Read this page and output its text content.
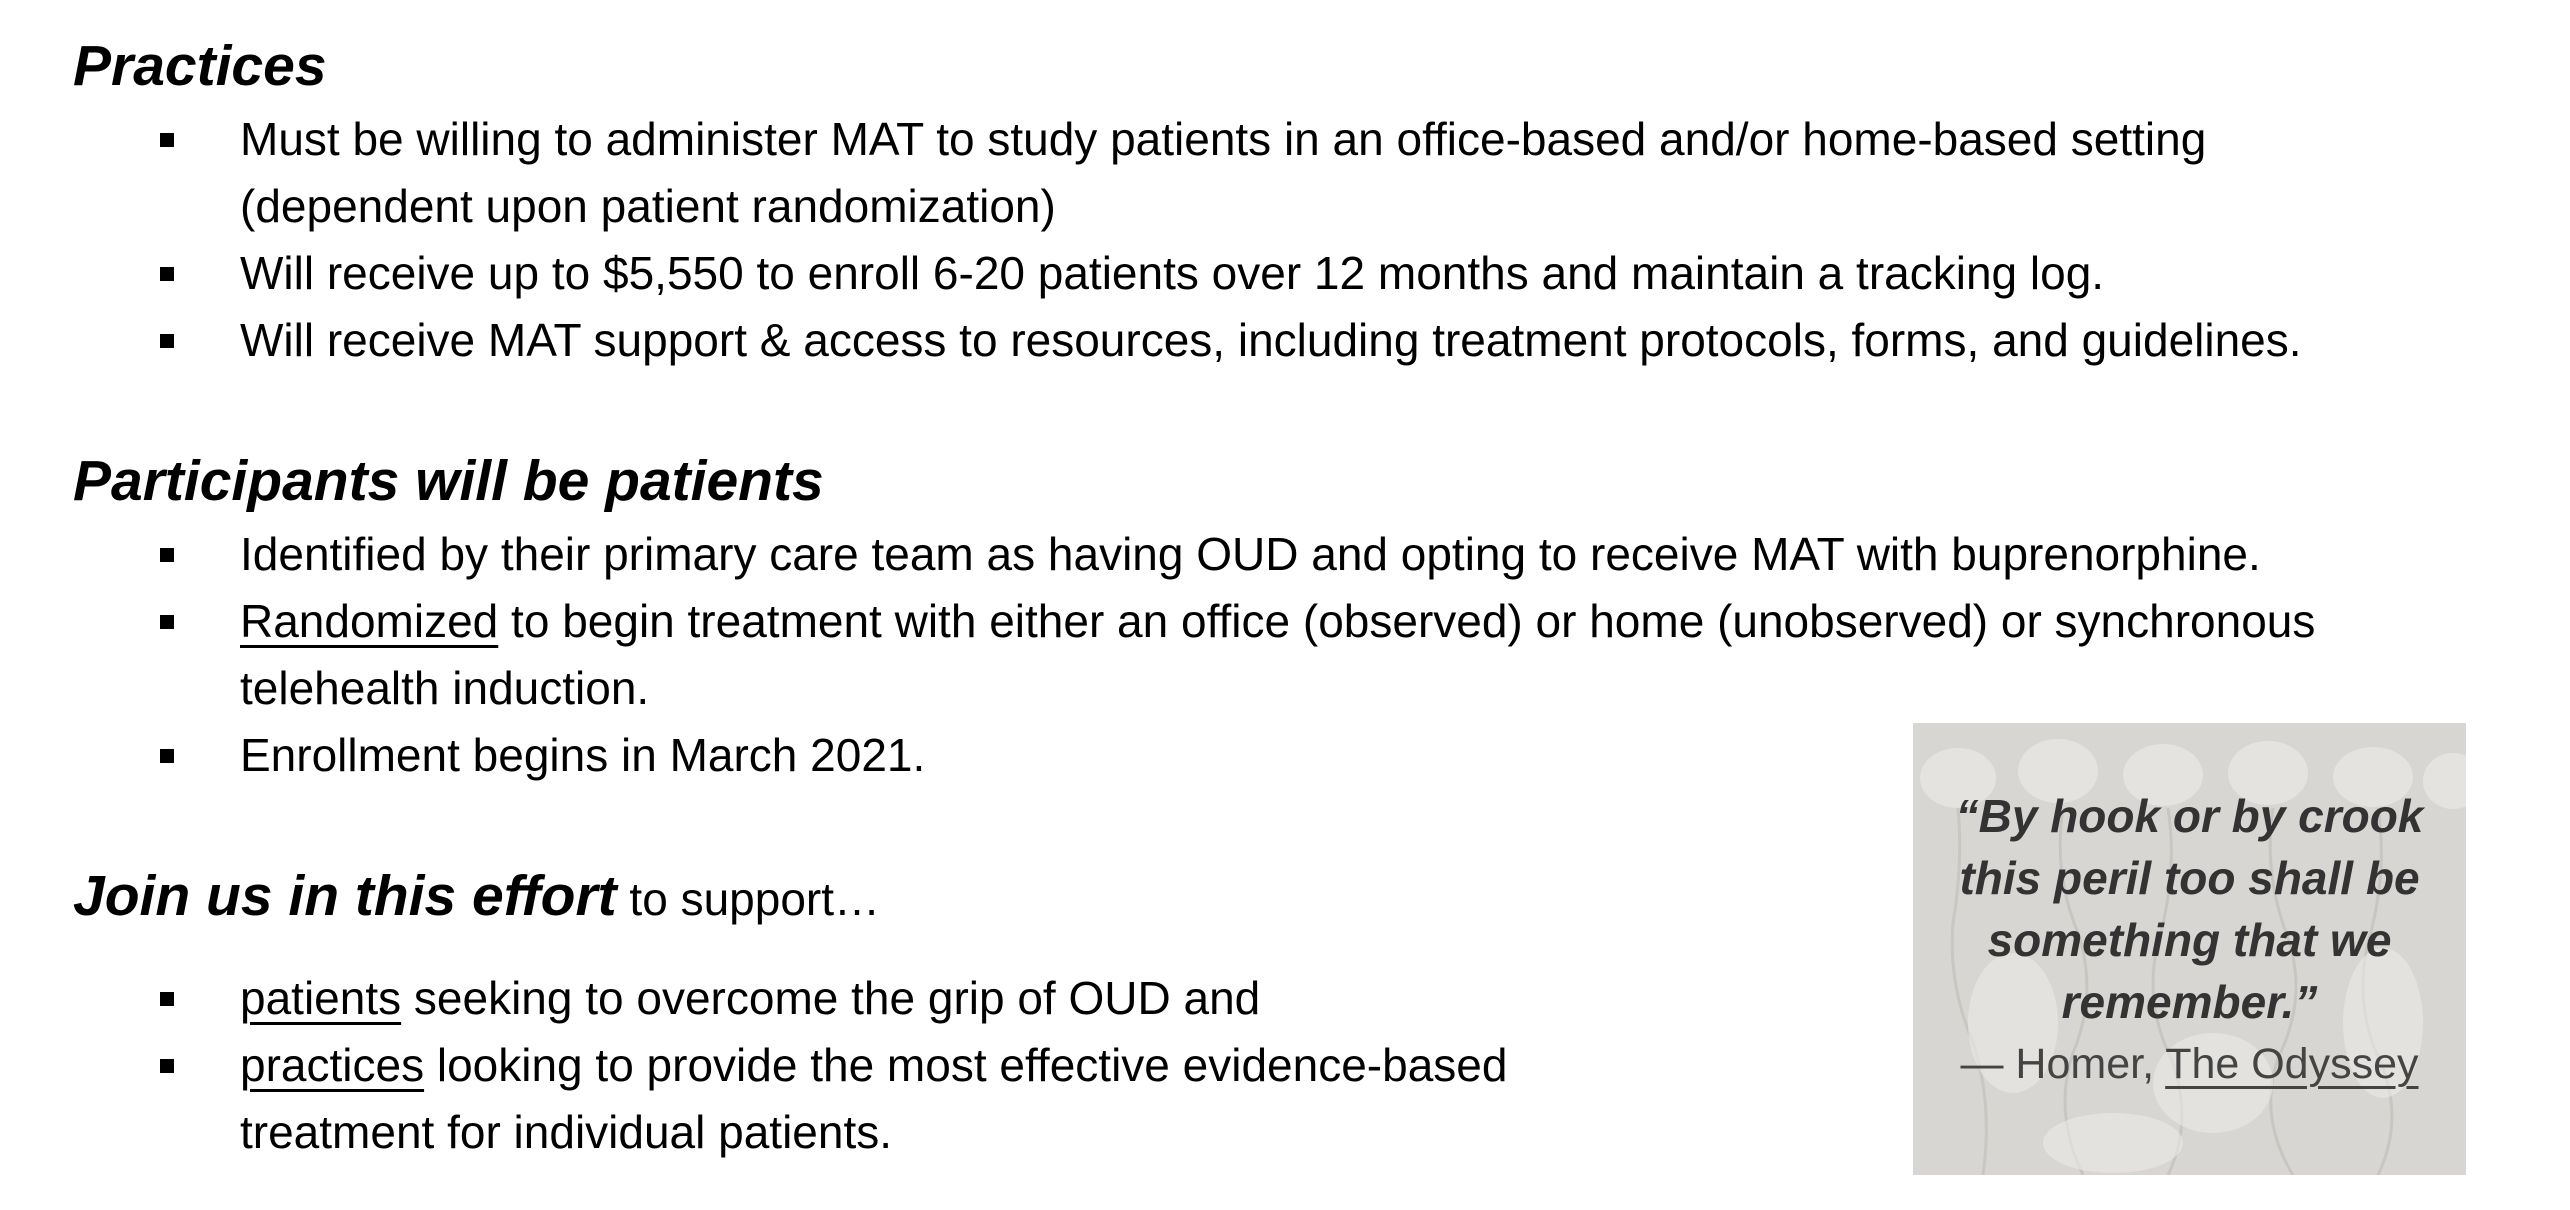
Practices
Must be willing to administer MAT to study patients in an office-based and/or home-based setting
(dependent upon patient randomization)
Will receive up to $5,550 to enroll 6-20 patients over 12 months and maintain a tracking log.
Will receive MAT support & access to resources, including treatment protocols, forms, and guidelines.
Participants will be patients
Identified by their primary care team as having OUD and opting to receive MAT with buprenorphine.
Randomized to begin treatment with either an office (observed) or home (unobserved) or synchronous
telehealth induction.
Enrollment begins in March 2021.
Join us in this effort to support…
patients seeking to overcome the grip of OUD and
practices looking to provide the most effective evidence-based
treatment for individual patients.
“By hook or by crook
this peril too shall be
something that we
remember.”
— Homer, The Odyssey
